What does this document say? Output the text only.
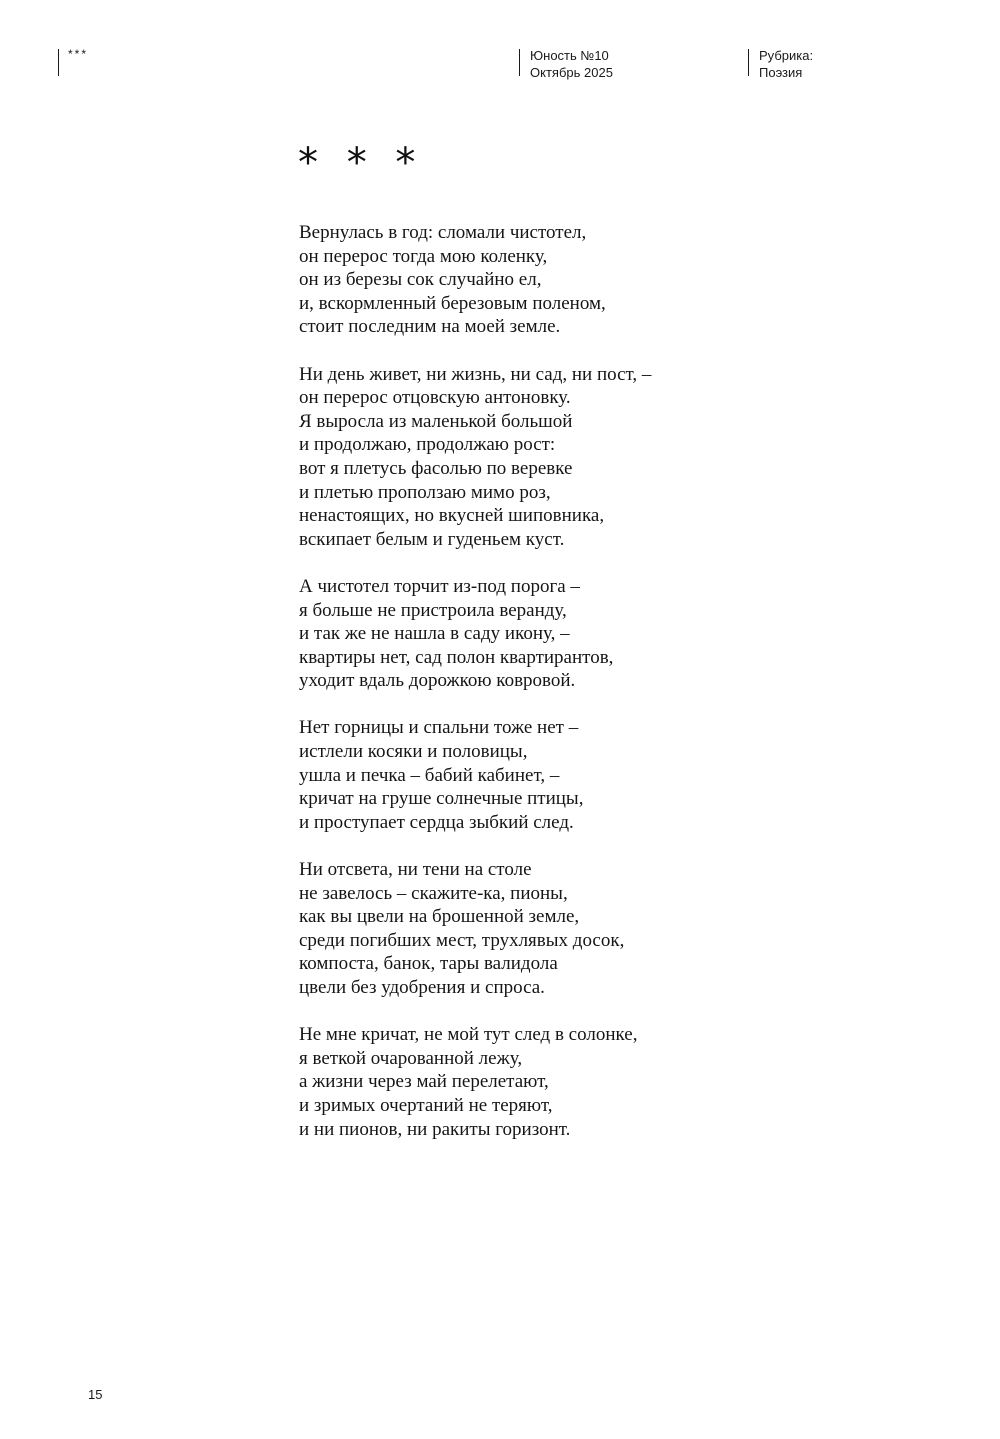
***	Юность №10
Октябрь 2025
Рубрика:
Поэзия
* * *
Вернулась в год: сломали чистотел,
он перерос тогда мою коленку,
он из березы сок случайно ел,
и, вскормленный березовым поленом,
стоит последним на моей земле.
Ни день живет, ни жизнь, ни сад, ни пост, –
он перерос отцовскую антоновку.
Я выросла из маленькой большой
и продолжаю, продолжаю рост:
вот я плетусь фасолью по веревке
и плетью проползаю мимо роз,
ненастоящих, но вкусней шиповника,
вскипает белым и гуденьем куст.
А чистотел торчит из-под порога –
я больше не пристроила веранду,
и так же не нашла в саду икону, –
квартиры нет, сад полон квартирантов,
уходит вдаль дорожкою ковровой.
Нет горницы и спальни тоже нет –
истлели косяки и половицы,
ушла и печка – бабий кабинет, –
кричат на груше солнечные птицы,
и проступает сердца зыбкий след.
Ни отсвета, ни тени на столе
не завелось – скажите-ка, пионы,
как вы цвели на брошенной земле,
среди погибших мест, трухлявых досок,
компоста, банок, тары валидола
цвели без удобрения и спроса.
Не мне кричат, не мой тут след в солонке,
я веткой очарованной лежу,
а жизни через май перелетают,
и зримых очертаний не теряют,
и ни пионов, ни ракиты горизонт.
15
